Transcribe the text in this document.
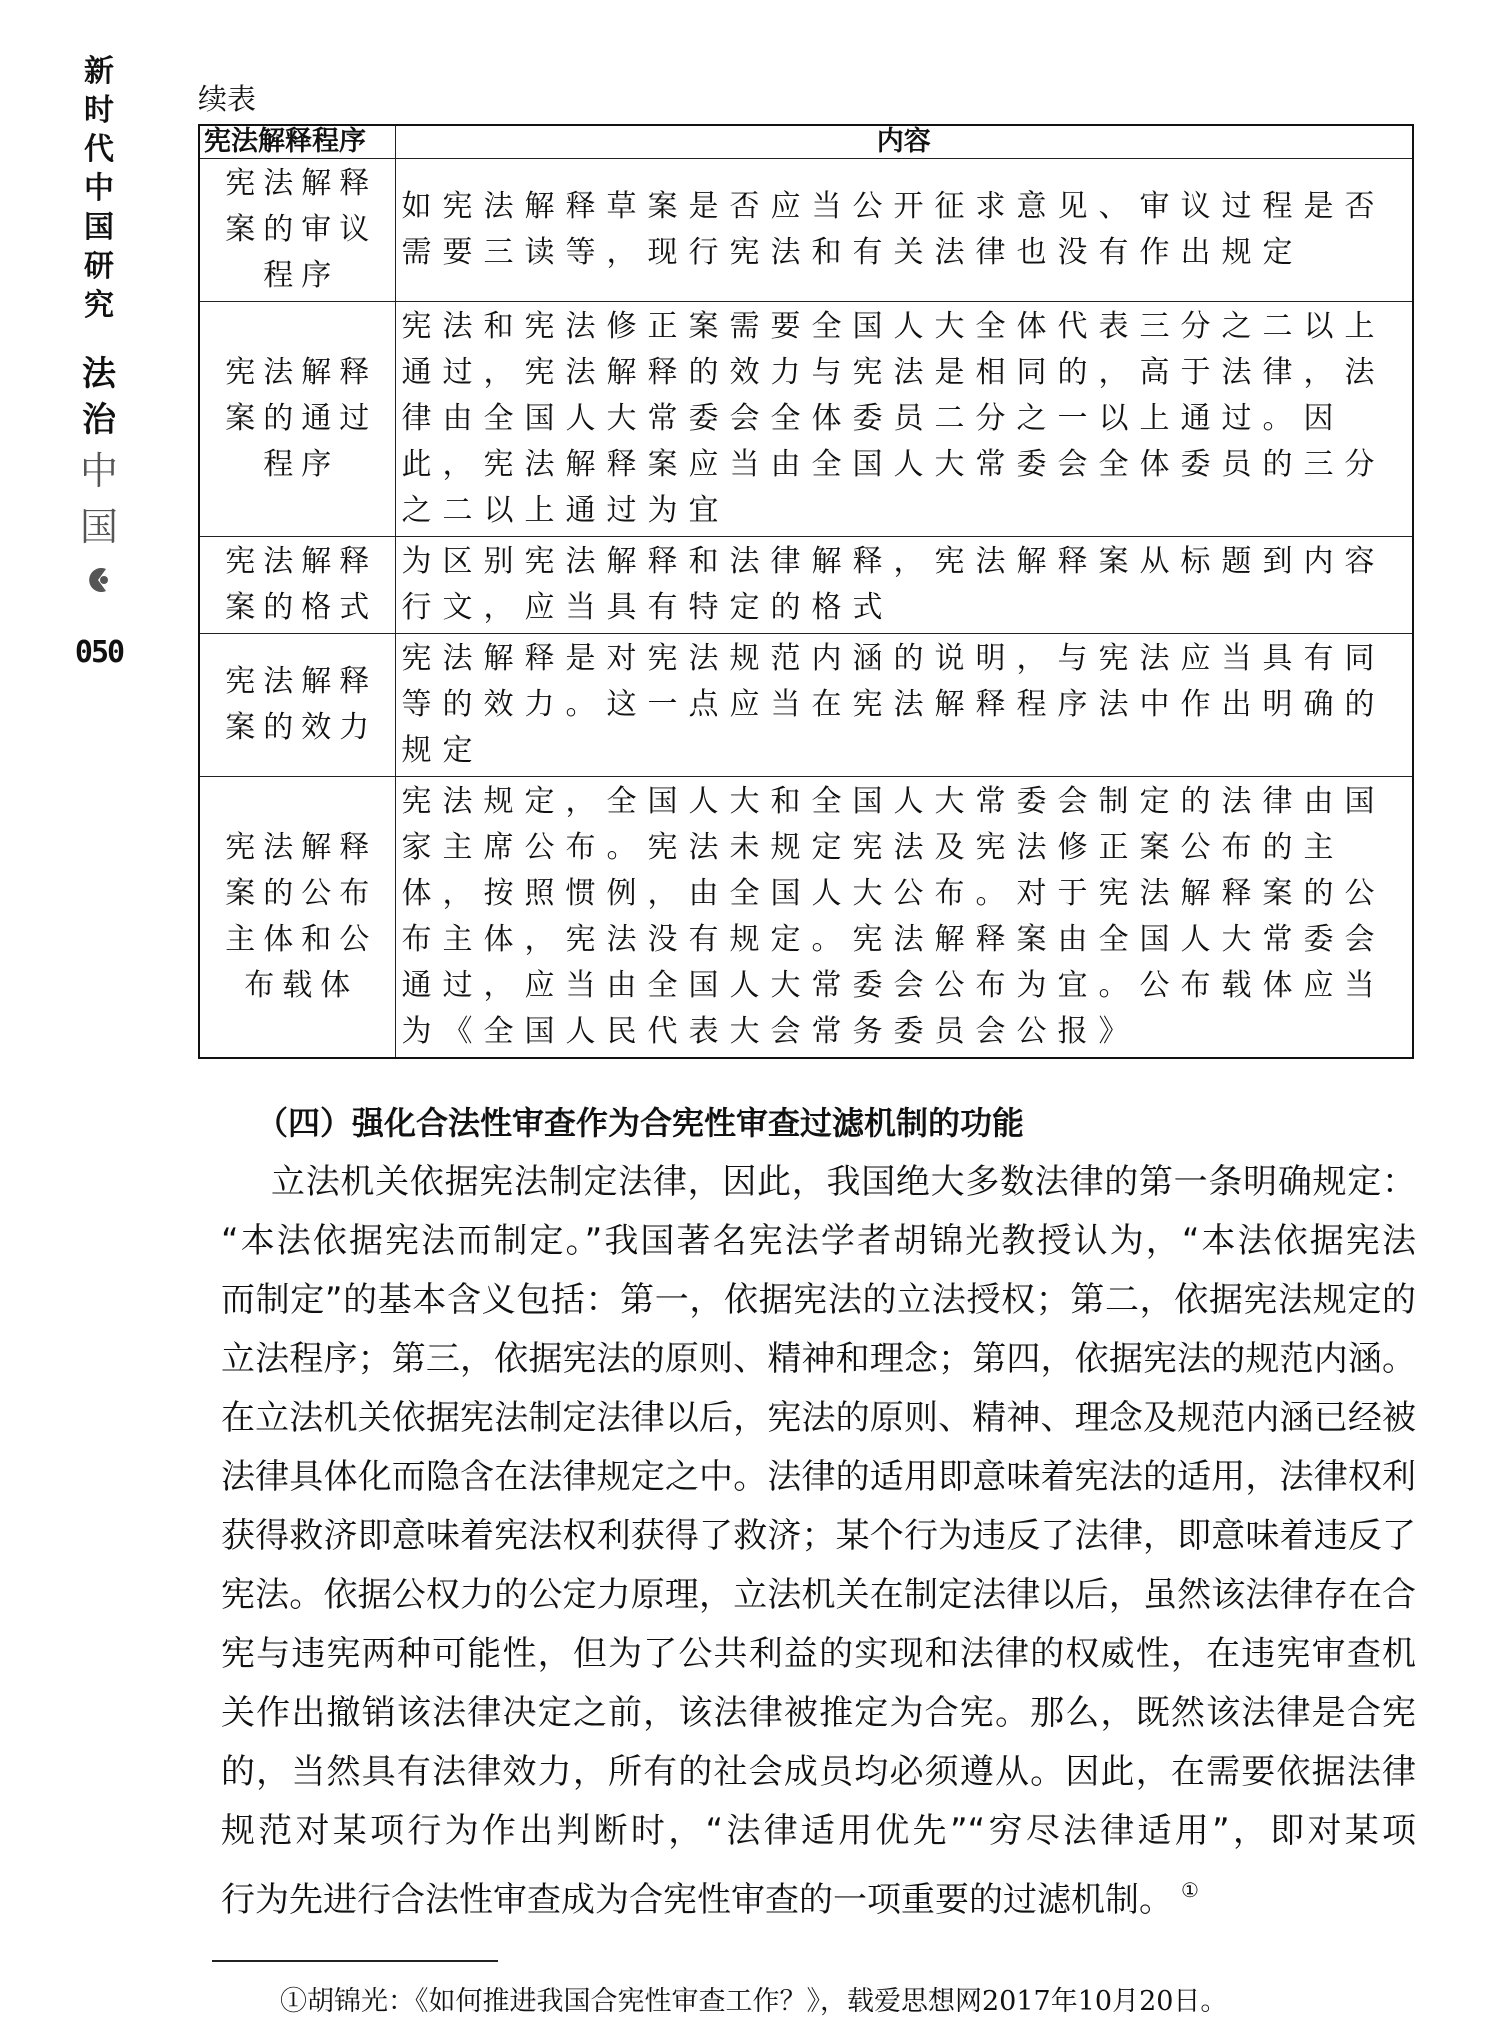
新
时
代
中
国
研
究
法
治
中
国
050
续表
宪法解释程序	内容
宪法解释案的审议程序	如宪法解释草案是否应当公开征求意见、审议过程是否需要三读等，现行宪法和有关法律也没有作出规定
宪法解释案的通过程序	宪法和宪法修正案需要全国人大全体代表三分之二以上通过，宪法解释的效力与宪法是相同的，高于法律，法律由全国人大常委会全体委员二分之一以上通过。因此，宪法解释案应当由全国人大常委会全体委员的三分之二以上通过为宜
宪法解释案的格式	为区别宪法解释和法律解释，宪法解释案从标题到内容行文，应当具有特定的格式
宪法解释案的效力	宪法解释是对宪法规范内涵的说明，与宪法应当具有同等的效力。这一点应当在宪法解释程序法中作出明确的规定
宪法解释案的公布主体和公布载体	宪法规定，全国人大和全国人大常委会制定的法律由国家主席公布。宪法未规定宪法及宪法修正案公布的主体，按照惯例，由全国人大公布。对于宪法解释案的公布主体，宪法没有规定。宪法解释案由全国人大常委会通过，应当由全国人大常委会公布为宜。公布载体应当为《全国人民代表大会常务委员会公报》
（四）强化合法性审查作为合宪性审查过滤机制的功能
立法机关依据宪法制定法律，因此，我国绝大多数法律的第一条明确规定：
“本法依据宪法而制定。”我国著名宪法学者胡锦光教授认为，“本法依据宪法
而制定”的基本含义包括：第一，依据宪法的立法授权；第二，依据宪法规定的
立法程序；第三，依据宪法的原则、精神和理念；第四，依据宪法的规范内涵。
在立法机关依据宪法制定法律以后，宪法的原则、精神、理念及规范内涵已经被
法律具体化而隐含在法律规定之中。法律的适用即意味着宪法的适用，法律权利
获得救济即意味着宪法权利获得了救济；某个行为违反了法律，即意味着违反了
宪法。依据公权力的公定力原理，立法机关在制定法律以后，虽然该法律存在合
宪与违宪两种可能性，但为了公共利益的实现和法律的权威性，在违宪审查机
关作出撤销该法律决定之前，该法律被推定为合宪。那么，既然该法律是合宪
的，当然具有法律效力，所有的社会成员均必须遵从。因此，在需要依据法律
规范对某项行为作出判断时，“法律适用优先”“穷尽法律适用”，即对某项
行为先进行合法性审查成为合宪性审查的一项重要的过滤机制。 ①
①胡锦光：《如何推进我国合宪性审查工作？》，载爱思想网2017年10月20日。
